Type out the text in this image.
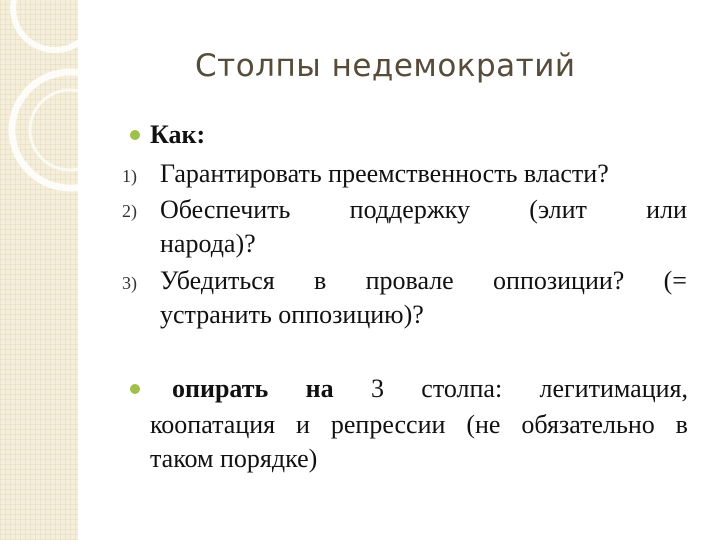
Столпы недемократий
Как:
1) Гарантировать преемственность власти?
2) Обеспечить поддержку (элит или
народа)?
3) Убедиться в провале оппозиции? (=
устранить оппозицию)?
опирать на 3 столпа: легитимация,
коопатация и репрессии (не обязательно в
таком порядке)
